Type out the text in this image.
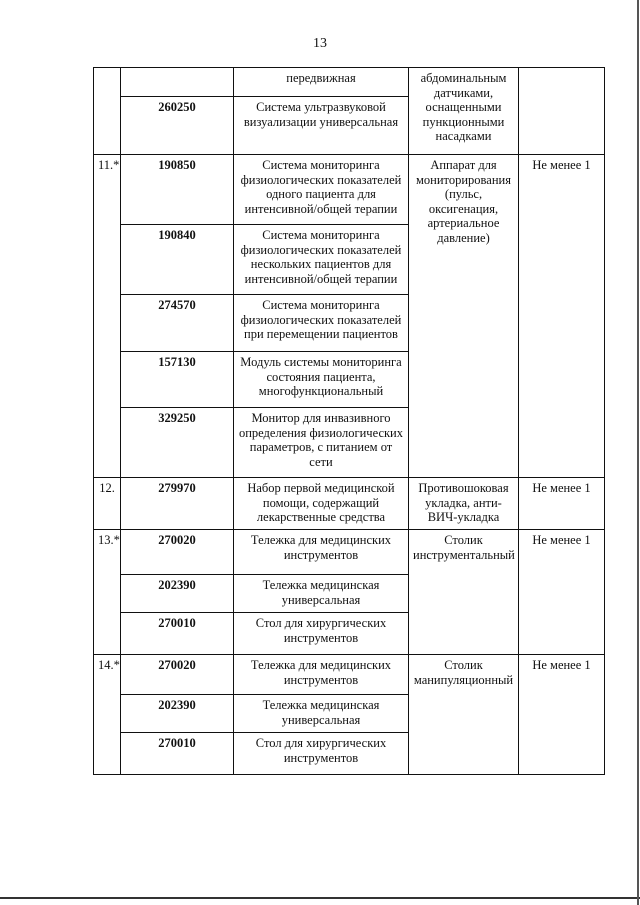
13
		передвижная	абдоминальным датчиками, оснащенными пункционными насадками	
	260250	Система ультразвуковой визуализации универсальная		
11.*	190850	Система мониторинга физиологических показателей одного пациента для интенсивной/общей терапии	Аппарат для мониторирования (пульс, оксигенация, артериальное давление)	Не менее 1
	190840	Система мониторинга физиологических показателей нескольких пациентов для интенсивной/общей терапии		
	274570	Система мониторинга физиологических показателей при перемещении пациентов		
	157130	Модуль системы мониторинга состояния пациента, многофункциональный		
	329250	Монитор для инвазивного определения физиологических параметров, с питанием от сети		
12.	279970	Набор первой медицинской помощи, содержащий лекарственные средства	Противошоковая укладка, анти-ВИЧ-укладка	Не менее 1
13.*	270020	Тележка для медицинских инструментов	Столик инструментальный	Не менее 1
	202390	Тележка медицинская универсальная		
	270010	Стол для хирургических инструментов		
14.*	270020	Тележка для медицинских инструментов	Столик манипуляционный	Не менее 1
	202390	Тележка медицинская универсальная		
	270010	Стол для хирургических инструментов		
